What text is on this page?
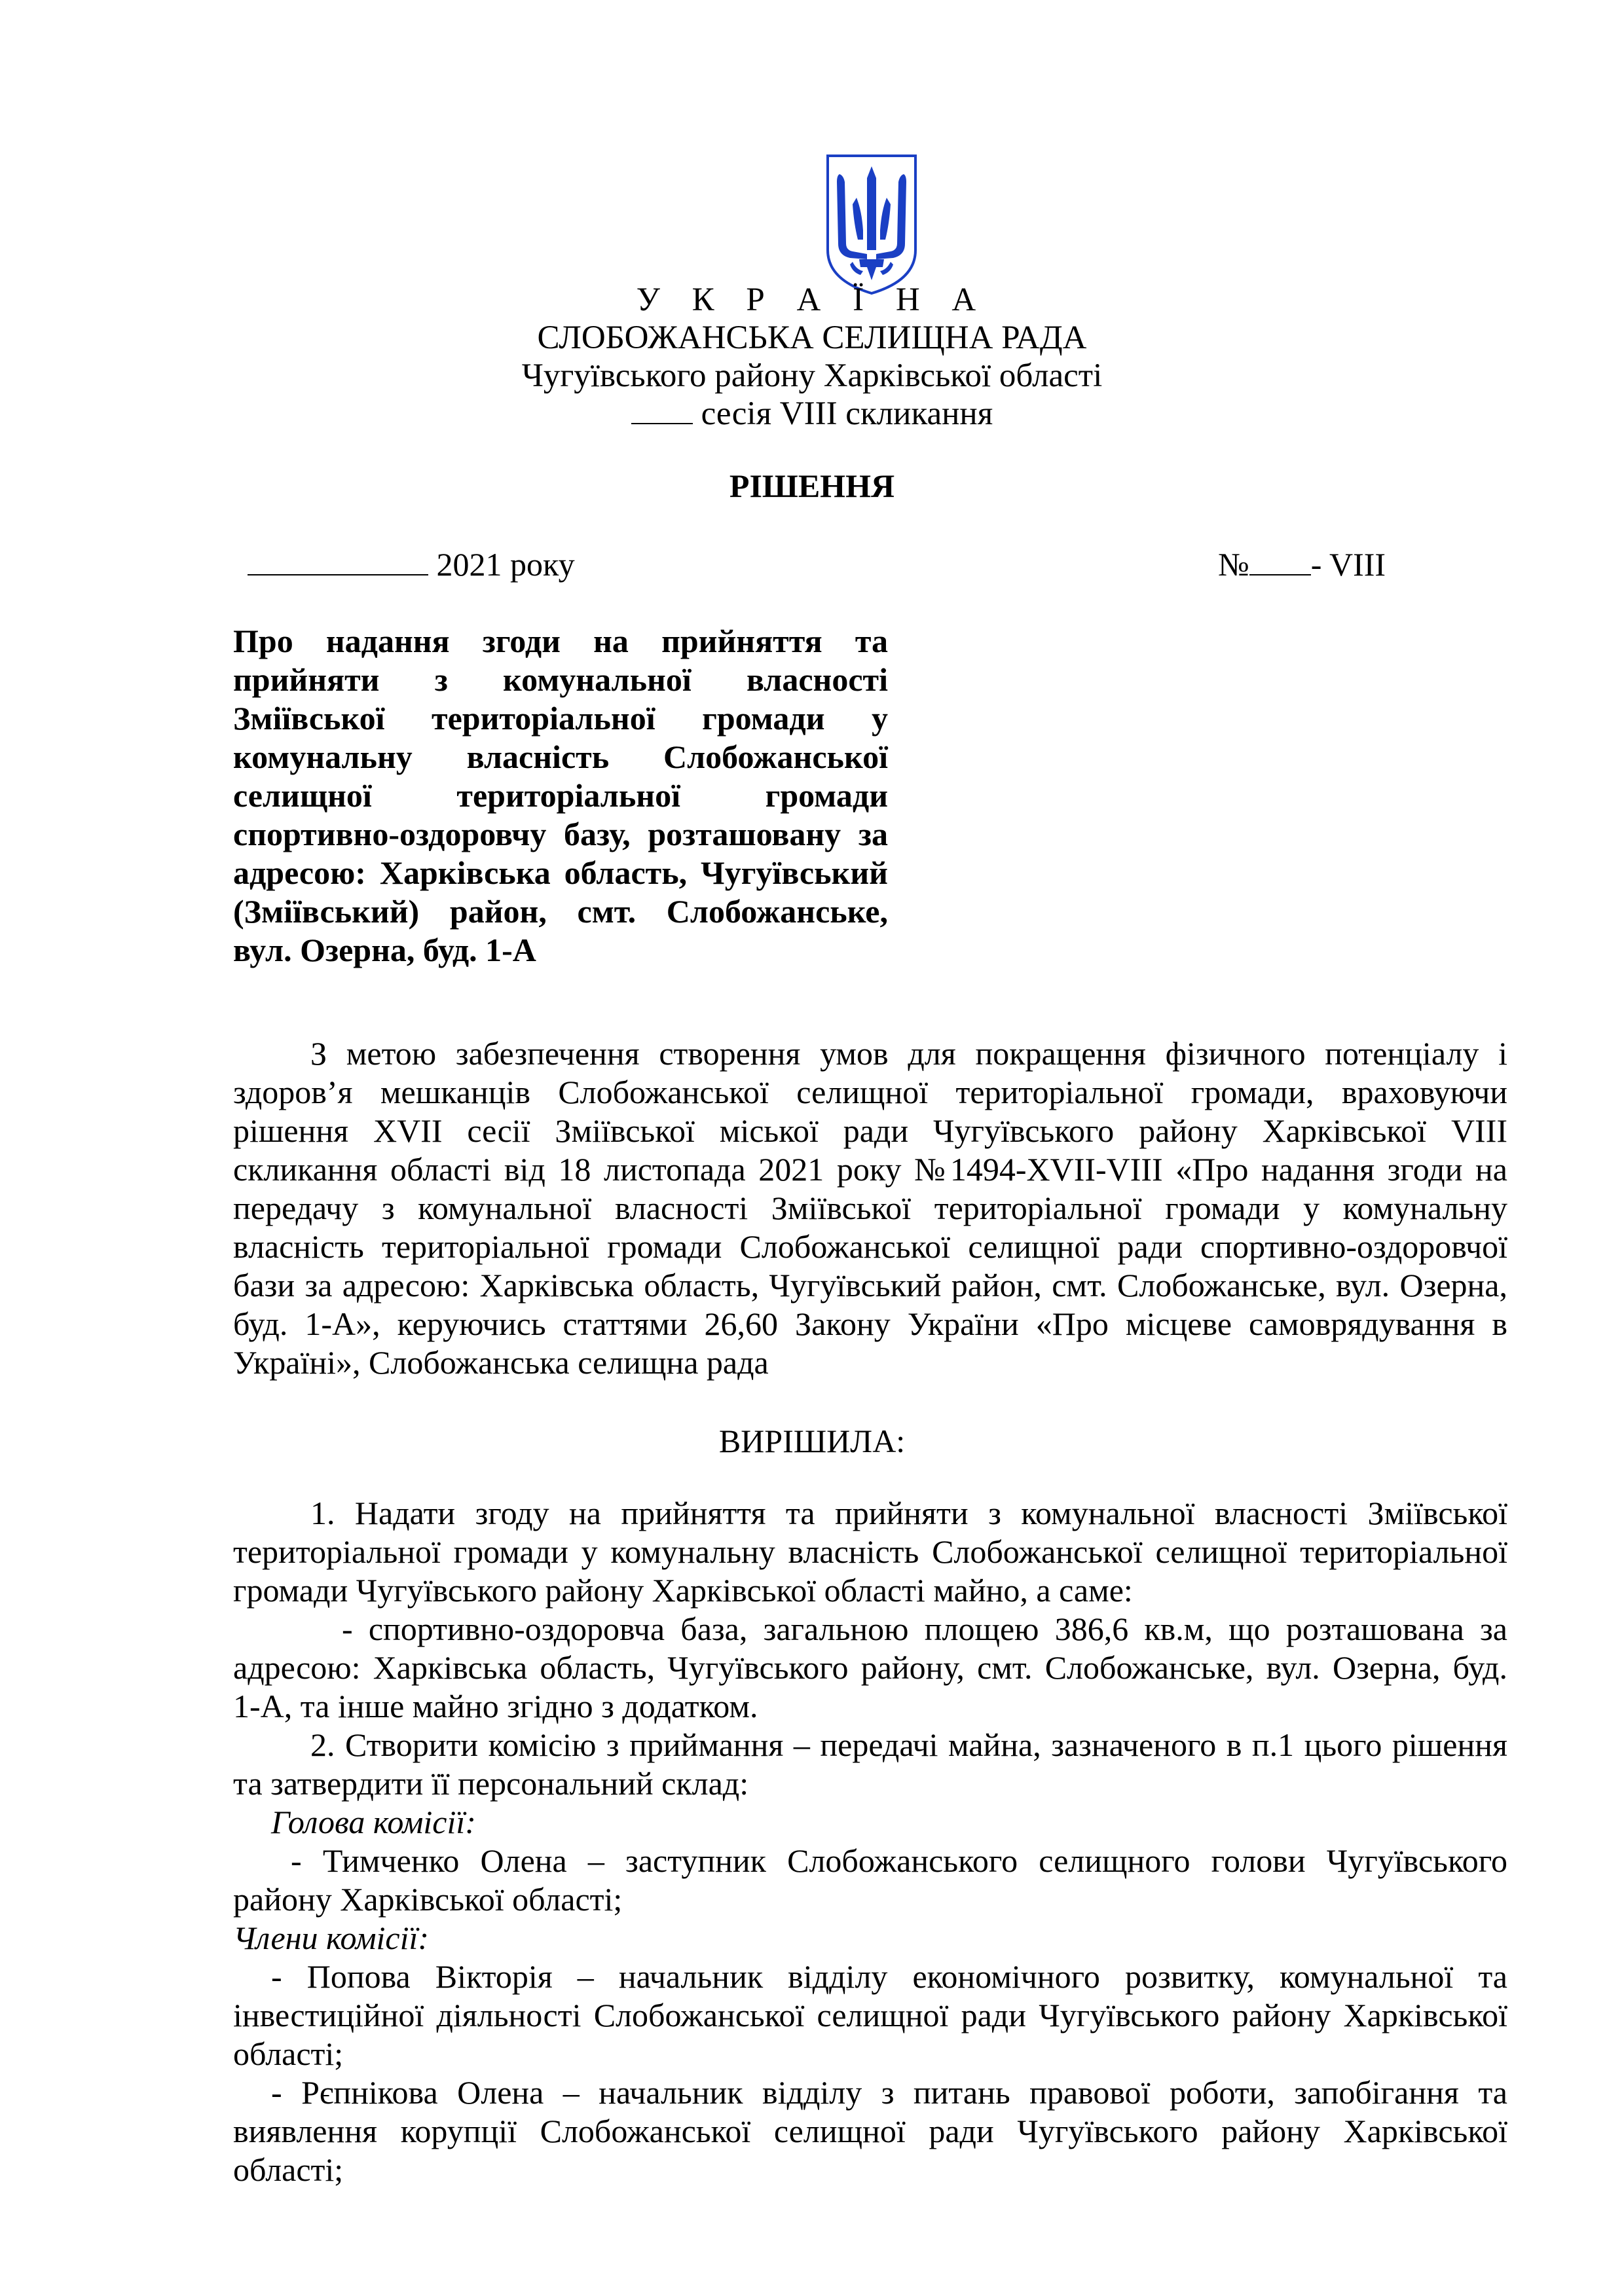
У К Р А Ї Н А
СЛОБОЖАНСЬКА СЕЛИЩНА РАДА
Чугуївського району Харківської області
сесія VIII скликання
РІШЕННЯ
2021 року	№ - VIII
Про надання згоди на прийняття та
прийняти з комунальної власності
Зміївської територіальної громади у
комунальну власність Слобожанської
селищної територіальної громади
спортивно-оздоровчу базу, розташовану за
адресою: Харківська область, Чугуївський
(Зміївський) район, смт. Слобожанське,
вул. Озерна, буд. 1-А
З метою забезпечення створення умов для покращення фізичного потенціалу і
здоров’я мешканців Слобожанської селищної територіальної громади, враховуючи
рішення XVII сесії Зміївської міської ради Чугуївського району Харківської VIII
скликання області від 18 листопада 2021 року №1494-XVII-VIII «Про надання згоди на
передачу з комунальної власності Зміївської територіальної громади у комунальну
власність територіальної громади Слобожанської селищної ради спортивно-оздоровчої
бази за адресою: Харківська область, Чугуївський район, смт. Слобожанське, вул. Озерна,
буд. 1-А», керуючись статтями 26,60 Закону України «Про місцеве самоврядування в
Україні», Слобожанська селищна рада
ВИРІШИЛА:
1. Надати згоду на прийняття та прийняти з комунальної власності Зміївської
територіальної громади у комунальну власність Слобожанської селищної територіальної
громади Чугуївського району Харківської області майно, а саме:
- спортивно-оздоровча база, загальною площею 386,6 кв.м, що розташована за
адресою: Харківська область, Чугуївського району, смт. Слобожанське, вул. Озерна, буд.
1-А, та інше майно згідно з додатком.
2. Створити комісію з приймання – передачі майна, зазначеного в п.1 цього рішення
та затвердити її персональний склад:
Голова комісії:
- Тимченко Олена – заступник Слобожанського селищного голови Чугуївського
району Харківської області;
Члени комісії:
- Попова Вікторія – начальник відділу економічного розвитку, комунальної та
інвестиційної діяльності Слобожанської селищної ради Чугуївського району Харківської
області;
- Рєпнікова Олена – начальник відділу з питань правової роботи, запобігання та
виявлення корупції Слобожанської селищної ради Чугуївського району Харківської
області;
